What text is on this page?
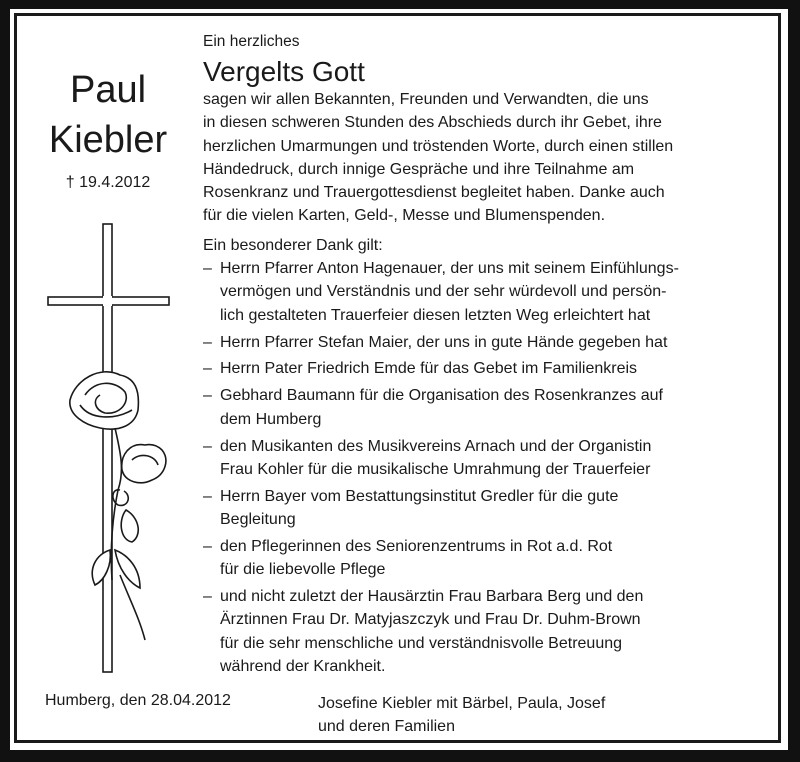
Paul
Kiebler
† 19.4.2012
Ein herzliches
Vergelts Gott
sagen wir allen Bekannten, Freunden und Verwandten, die uns
in diesen schweren Stunden des Abschieds durch ihr Gebet, ihre
herzlichen Umarmungen und tröstenden Worte, durch einen stillen
Händedruck, durch innige Gespräche und ihre Teilnahme am
Rosenkranz und Trauergottesdienst begleitet haben. Danke auch
für die vielen Karten, Geld-, Messe und Blumenspenden.
Ein besonderer Dank gilt:
– Herrn Pfarrer Anton Hagenauer, der uns mit seinem Einfühlungs-
vermögen und Verständnis und der sehr würdevoll und persön-
lich gestalteten Trauerfeier diesen letzten Weg erleichtert hat
– Herrn Pfarrer Stefan Maier, der uns in gute Hände gegeben hat
– Herrn Pater Friedrich Emde für das Gebet im Familienkreis
– Gebhard Baumann für die Organisation des Rosenkranzes auf
dem Humberg
– den Musikanten des Musikvereins Arnach und der Organistin
Frau Kohler für die musikalische Umrahmung der Trauerfeier
– Herrn Bayer vom Bestattungsinstitut Gredler für die gute
Begleitung
– den Pflegerinnen des Seniorenzentrums in Rot a.d. Rot
für die liebevolle Pflege
– und nicht zuletzt der Hausärztin Frau Barbara Berg und den
Ärztinnen Frau Dr. Matyjaszczyk und Frau Dr. Duhm-Brown
für die sehr menschliche und verständnisvolle Betreuung
während der Krankheit.
Humberg, den 28.04.2012	Josefine Kiebler mit Bärbel, Paula, Josef
und deren Familien
